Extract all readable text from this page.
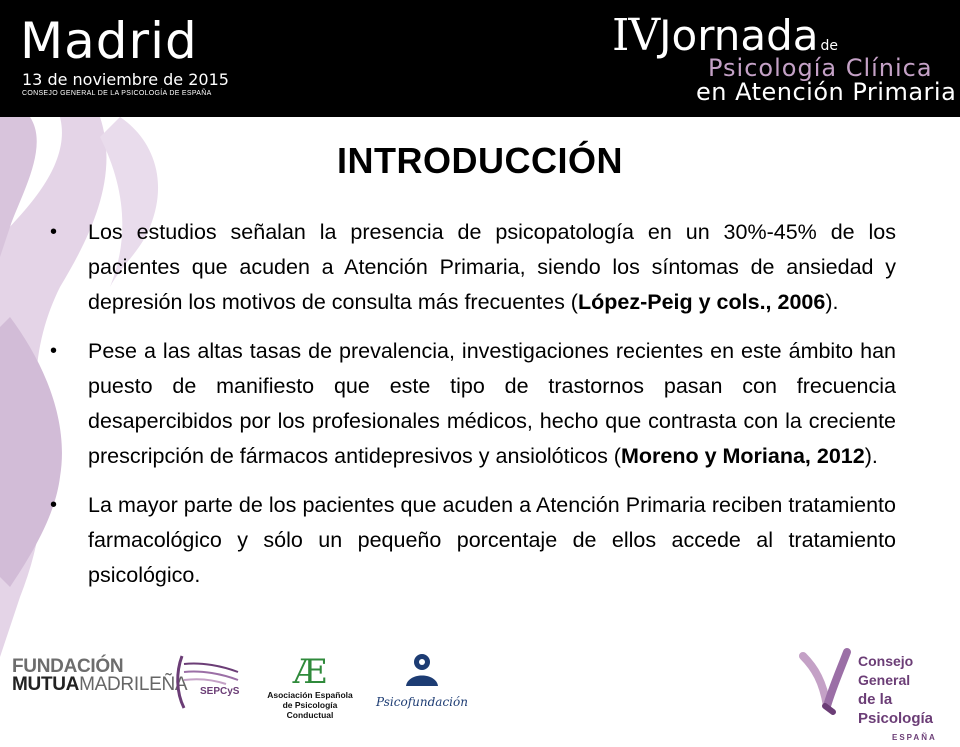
Madrid
13 de noviembre de 2015
CONSEJO GENERAL DE LA PSICOLOGÍA DE ESPAÑA
IVJornada de
Psicología Clínica
en Atención Primaria
INTRODUCCIÓN
• Los estudios señalan la presencia de psicopatología en un 30%-45% de los pacientes que acuden a Atención Primaria, siendo los síntomas de ansiedad y depresión los motivos de consulta más frecuentes (López-Peig y cols., 2006).
• Pese a las altas tasas de prevalencia, investigaciones recientes en este ámbito han puesto de manifiesto que este tipo de trastornos pasan con frecuencia desapercibidos por los profesionales médicos, hecho que contrasta con la creciente prescripción de fármacos antidepresivos y ansiolóticos (Moreno y Moriana, 2012).
• La mayor parte de los pacientes que acuden a Atención Primaria reciben tratamiento farmacológico y sólo un pequeño porcentaje de ellos accede al tratamiento psicológico.
FUNDACIÓN
MUTUAMADRILEÑA SEPCyS	Æ
Asociación Española
de Psicología Conductual
Psicofundación
Consejo General
de la Psicología
ESPAÑA
